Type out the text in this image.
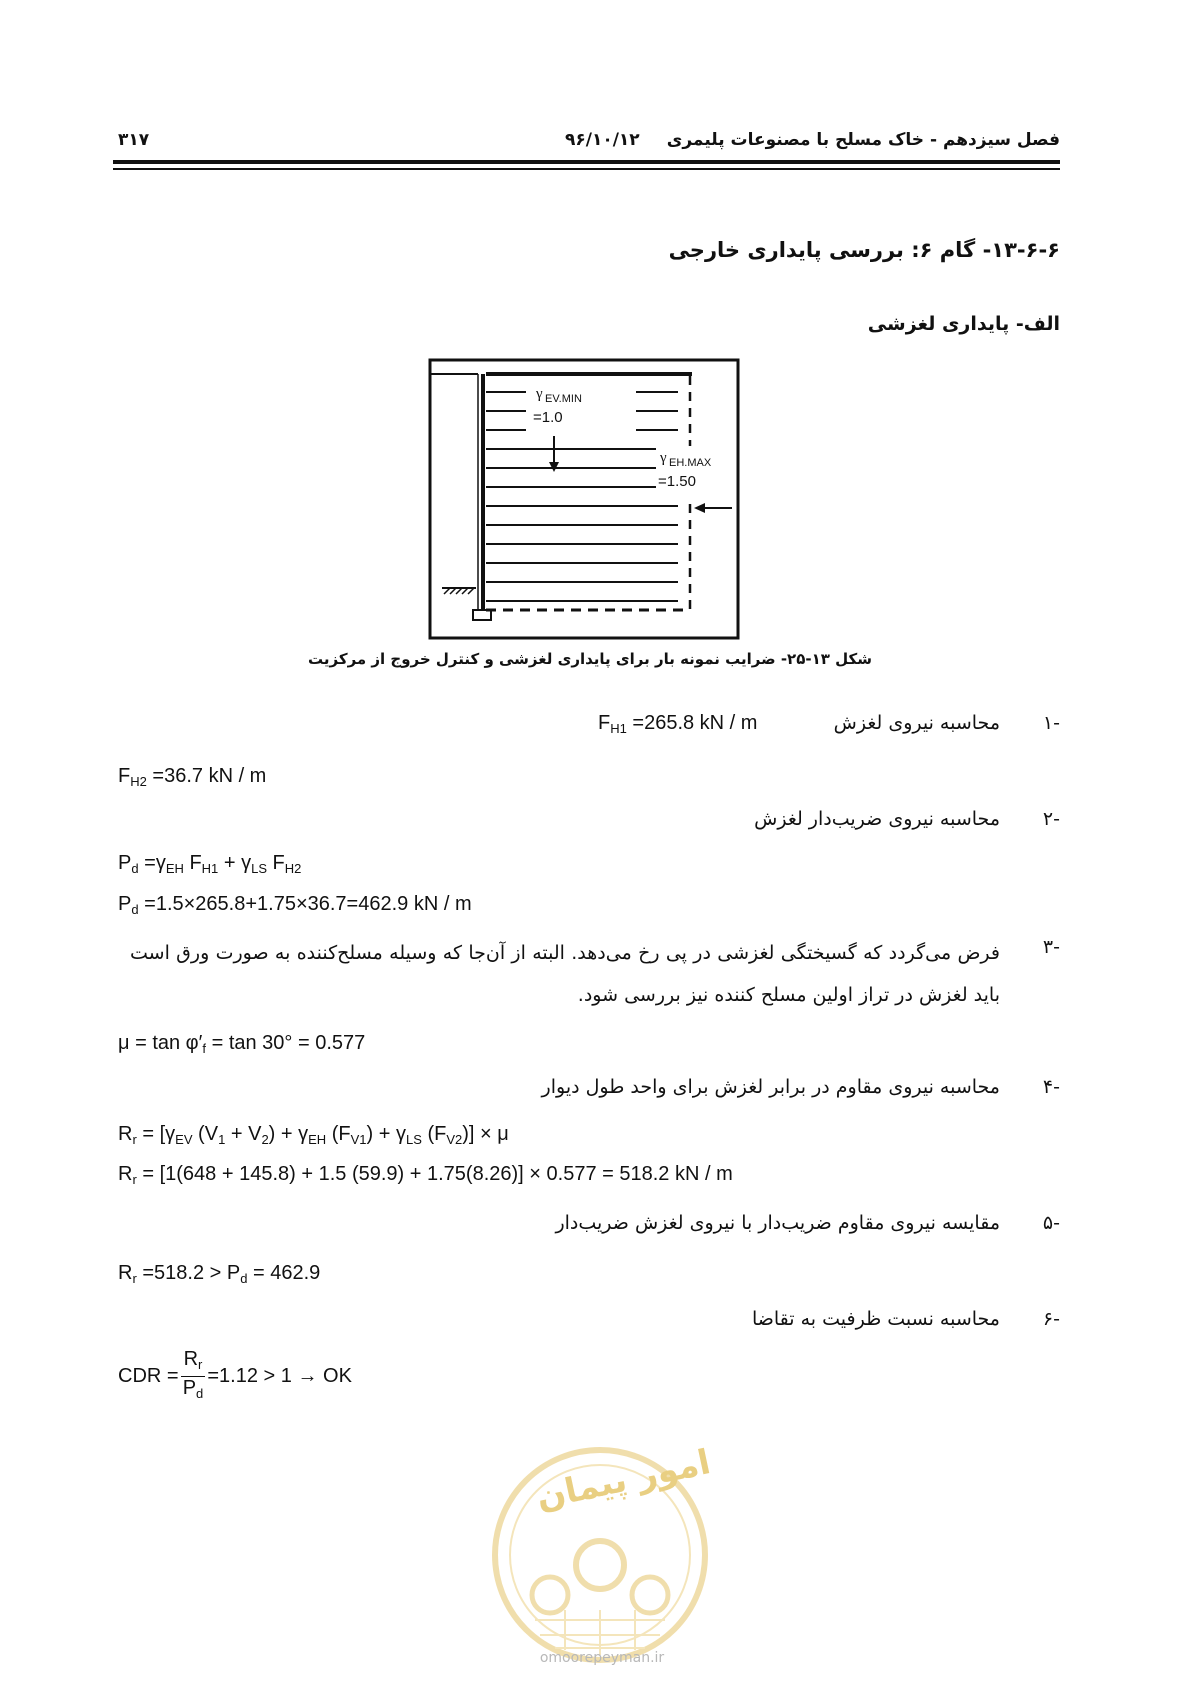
فصل سیزدهم - خاک مسلح با مصنوعات پلیمری
۹۶/۱۰/۱۲
۳۱۷
۱۳-۶-۶- گام ۶: بررسی پایداری خارجی
الف- پایداری لغزشی
γ EV.MIN
=1.0
γ EH.MAX
=1.50
شکل ۱۳-۲۵- ضرایب نمونه بار برای پایداری لغزشی و کنترل خروج از مرکزیت
-۱
محاسبه نیروی لغزش
$F_{H1} =265.8$ kN / m
$F_{H2} =36.7$ kN / m
-۲
محاسبه نیروی ضریب‌دار لغزش
$P_d =\gamma_{EH}$ $F_{H1} + \gamma_{LS}$ $F_{H2}$
$P_d =1.5\times 265.8+1.75\times 36.7=462.9$ kN / m
-۳
فرض می‌گردد که گسیختگی لغزشی در پی رخ می‌دهد. البته از آن‌جا که وسیله مسلح‌کننده به صورت ورق است باید لغزش در تراز اولین مسلح کننده نیز بررسی شود.
$\mu = \tan \varphi'_f = \tan 30^\circ = 0.577$
-۴
محاسبه نیروی مقاوم در برابر لغزش برای واحد طول دیوار
$R_r = [\gamma_{EV}$ $(V_1 + V_2) + \gamma_{EH}$ $(F_{V1}) + \gamma_{LS}$ $(F_{V2})] \times \mu$
$R_r = [1(648 + 145.8) + 1.5$ (59.9) + 1.75(8.26)] × 0.577 = 518.2 kN / m
-۵
مقایسه نیروی مقاوم ضریب‌دار با نیروی لغزش ضریب‌دار
$R_r =518.2 > P_d = 462.9$
-۶
محاسبه نسبت ظرفیت به تقاضا
CDR = $\frac{R_r}{P_d} =1.12 > 1$ → OK
امور پیمان
omoorepeyman.ir
